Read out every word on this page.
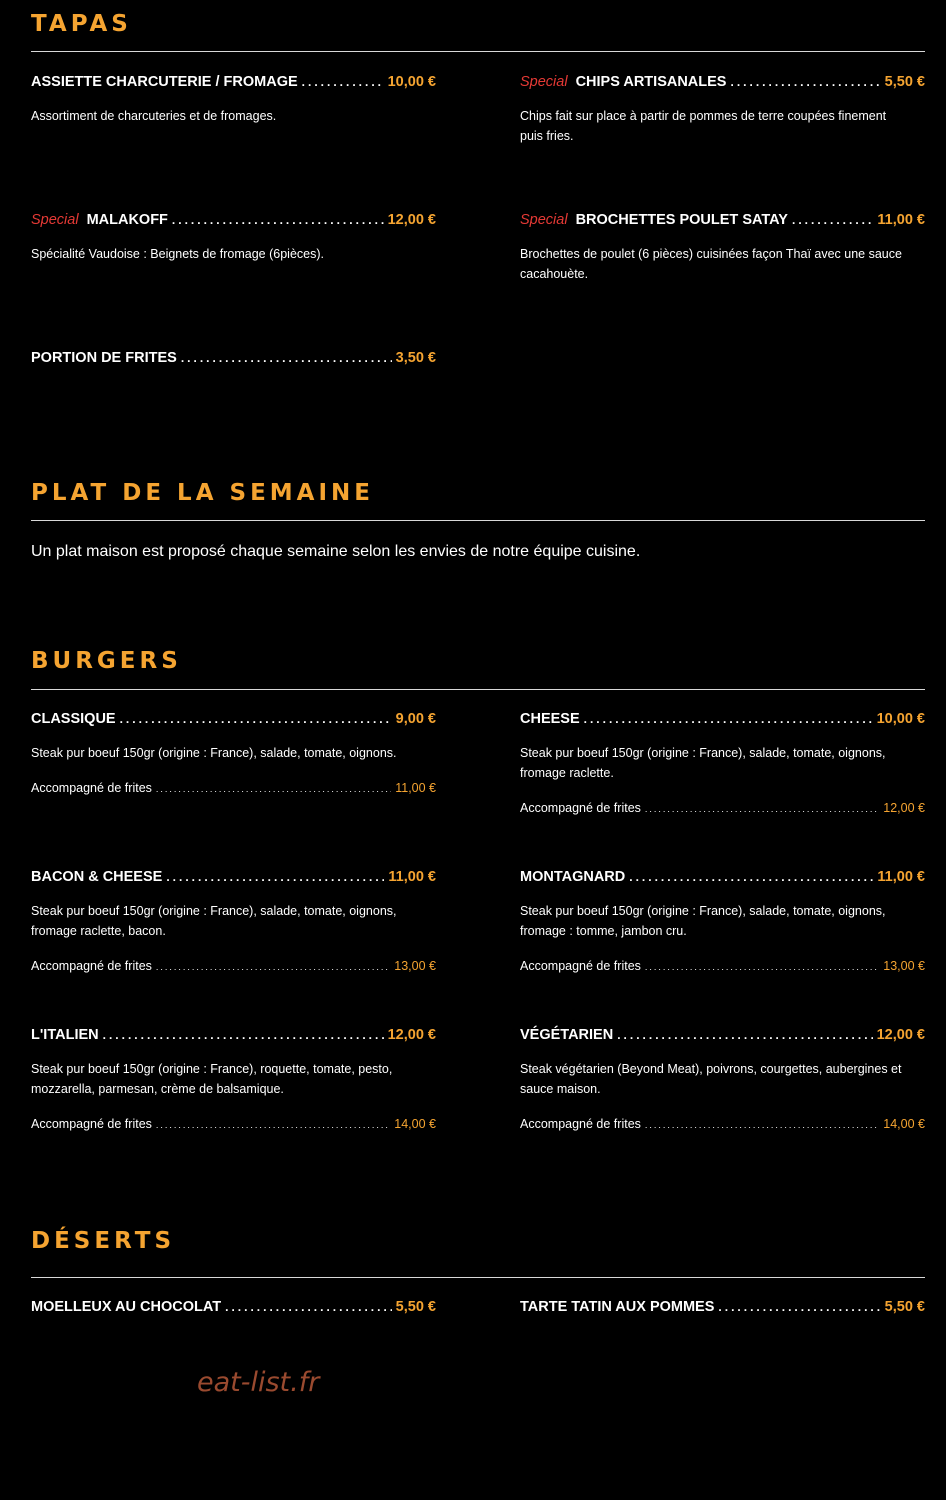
TAPAS
ASSIETTE CHARCUTERIE / FROMAGE .....	10,00 €
Assortiment de charcuteries et de fromages.
Special CHIPS ARTISANALES .....	5,50 €
Chips fait sur place à partir de pommes de terre coupées finement
puis fries.
Special MALAKOFF .....	12,00 €
Spécialité Vaudoise : Beignets de fromage (6pièces).
Special BROCHETTES POULET SATAY .....	11,00 €
Brochettes de poulet (6 pièces) cuisinées façon Thaï avec une sauce
cacahouète.
PORTION DE FRITES .....	3,50 €
PLAT DE LA SEMAINE
Un plat maison est proposé chaque semaine selon les envies de notre équipe cuisine.
BURGERS
CLASSIQUE .....	9,00 €
Steak pur boeuf 150gr (origine : France), salade, tomate, oignons.
Accompagné de frites .....	11,00 €
CHEESE .....	10,00 €
Steak pur boeuf 150gr (origine : France), salade, tomate, oignons,
fromage raclette.
Accompagné de frites .....	12,00 €
BACON & CHEESE .....	11,00 €
Steak pur boeuf 150gr (origine : France), salade, tomate, oignons,
fromage raclette, bacon.
Accompagné de frites .....	13,00 €
MONTAGNARD .....	11,00 €
Steak pur boeuf 150gr (origine : France), salade, tomate, oignons,
fromage : tomme, jambon cru.
Accompagné de frites .....	13,00 €
L'ITALIEN .....	12,00 €
Steak pur boeuf 150gr (origine : France), roquette, tomate, pesto,
mozzarella, parmesan, crème de balsamique.
Accompagné de frites .....	14,00 €
VÉGÉTARIEN .....	12,00 €
Steak végétarien (Beyond Meat), poivrons, courgettes, aubergines et
sauce maison.
Accompagné de frites .....	14,00 €
DÉSERTS
MOELLEUX AU CHOCOLAT .....	5,50 €	TARTE TATIN AUX POMMES .....	5,50 €
eat-list.fr
